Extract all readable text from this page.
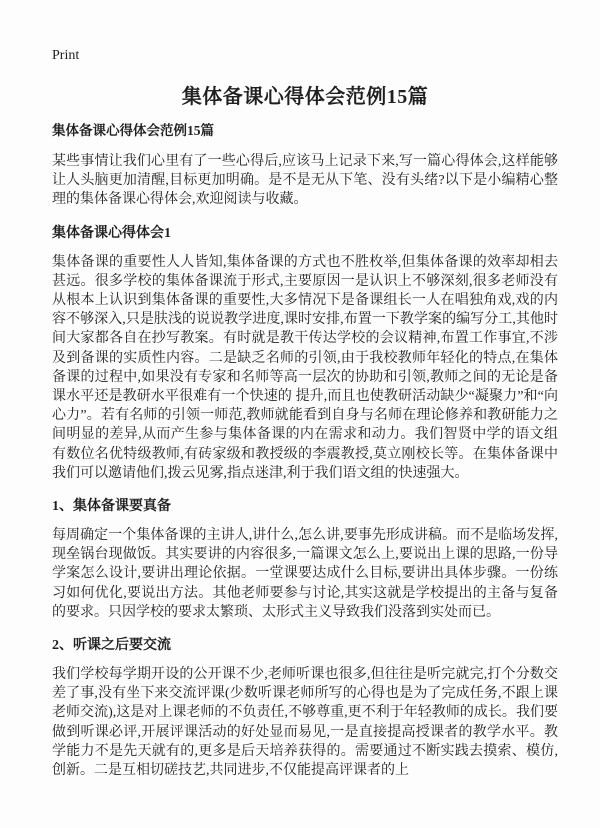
Print
集体备课心得体会范例15篇
集体备课心得体会范例15篇

某些事情让我们心里有了一些心得后,应该马上记录下来,写一篇心得体会,这样能够让人头脑更加清醒,目标更加明确。是不是无从下笔、没有头绪?以下是小编精心整理的集体备课心得体会,欢迎阅读与收藏。

集体备课心得体会1

集体备课的重要性人人皆知,集体备课的方式也不胜枚举,但集体备课的效率却相去甚远。很多学校的集体备课流于形式,主要原因一是认识上不够深刻,很多老师没有从根本上认识到集体备课的重要性,大多情况下是备课组长一人在唱独角戏,戏的内容不够深入,只是肤浅的说说教学进度,课时安排,布置一下教学案的编写分工,其他时间大家都各自在抄写教案。有时就是教干传达学校的会议精神,布置工作事宜,不涉及到备课的实质性内容。二是缺乏名师的引领,由于我校教师年轻化的特点,在集体备课的过程中,如果没有专家和名师等高一层次的协助和引领,教师之间的无论是备课水平还是教研水平很难有一个快速的 提升,而且也使教研活动缺少“凝聚力”和“向心力”。若有名师的引领一师范,教师就能看到自身与名师在理论修养和教研能力之间明显的差异,从而产生参与集体备课的内在需求和动力。我们智贤中学的语文组有数位名优特级教师,有砖家级和教授级的李震教授,莫立刚校长等。在集体备课中我们可以邀请他们,拨云见雾,指点迷津,利于我们语文组的快速强大。

1、集体备课要真备

每周确定一个集体备课的主讲人,讲什么,怎么讲,要事先形成讲稿。而不是临场发挥,现垒锅台现做饭。其实要讲的内容很多,一篇课文怎么上,要说出上课的思路,一份导学案怎么设计,要讲出理论依据。一堂课要达成什么目标,要讲出具体步骤。一份练习如何优化,要说出方法。其他老师要参与讨论,其实这就是学校提出的主备与复备的要求。只因学校的要求太繁琐、太形式主义导致我们没落到实处而已。

2、听课之后要交流

我们学校每学期开设的公开课不少,老师听课也很多,但往往是听完就完,打个分数交差了事,没有坐下来交流评课(少数听课老师所写的心得也是为了完成任务,不跟上课老师交流),这是对上课老师的不负责任,不够尊重,更不利于年轻教师的成长。我们要做到听课必评,开展评课活动的好处显而易见,一是直接提高授课者的教学水平。教学能力不是先天就有的,更多是后天培养获得的。需要通过不断实践去摸索、模仿,创新。二是互相切磋技艺,共同进步,不仅能提高评课者的上
